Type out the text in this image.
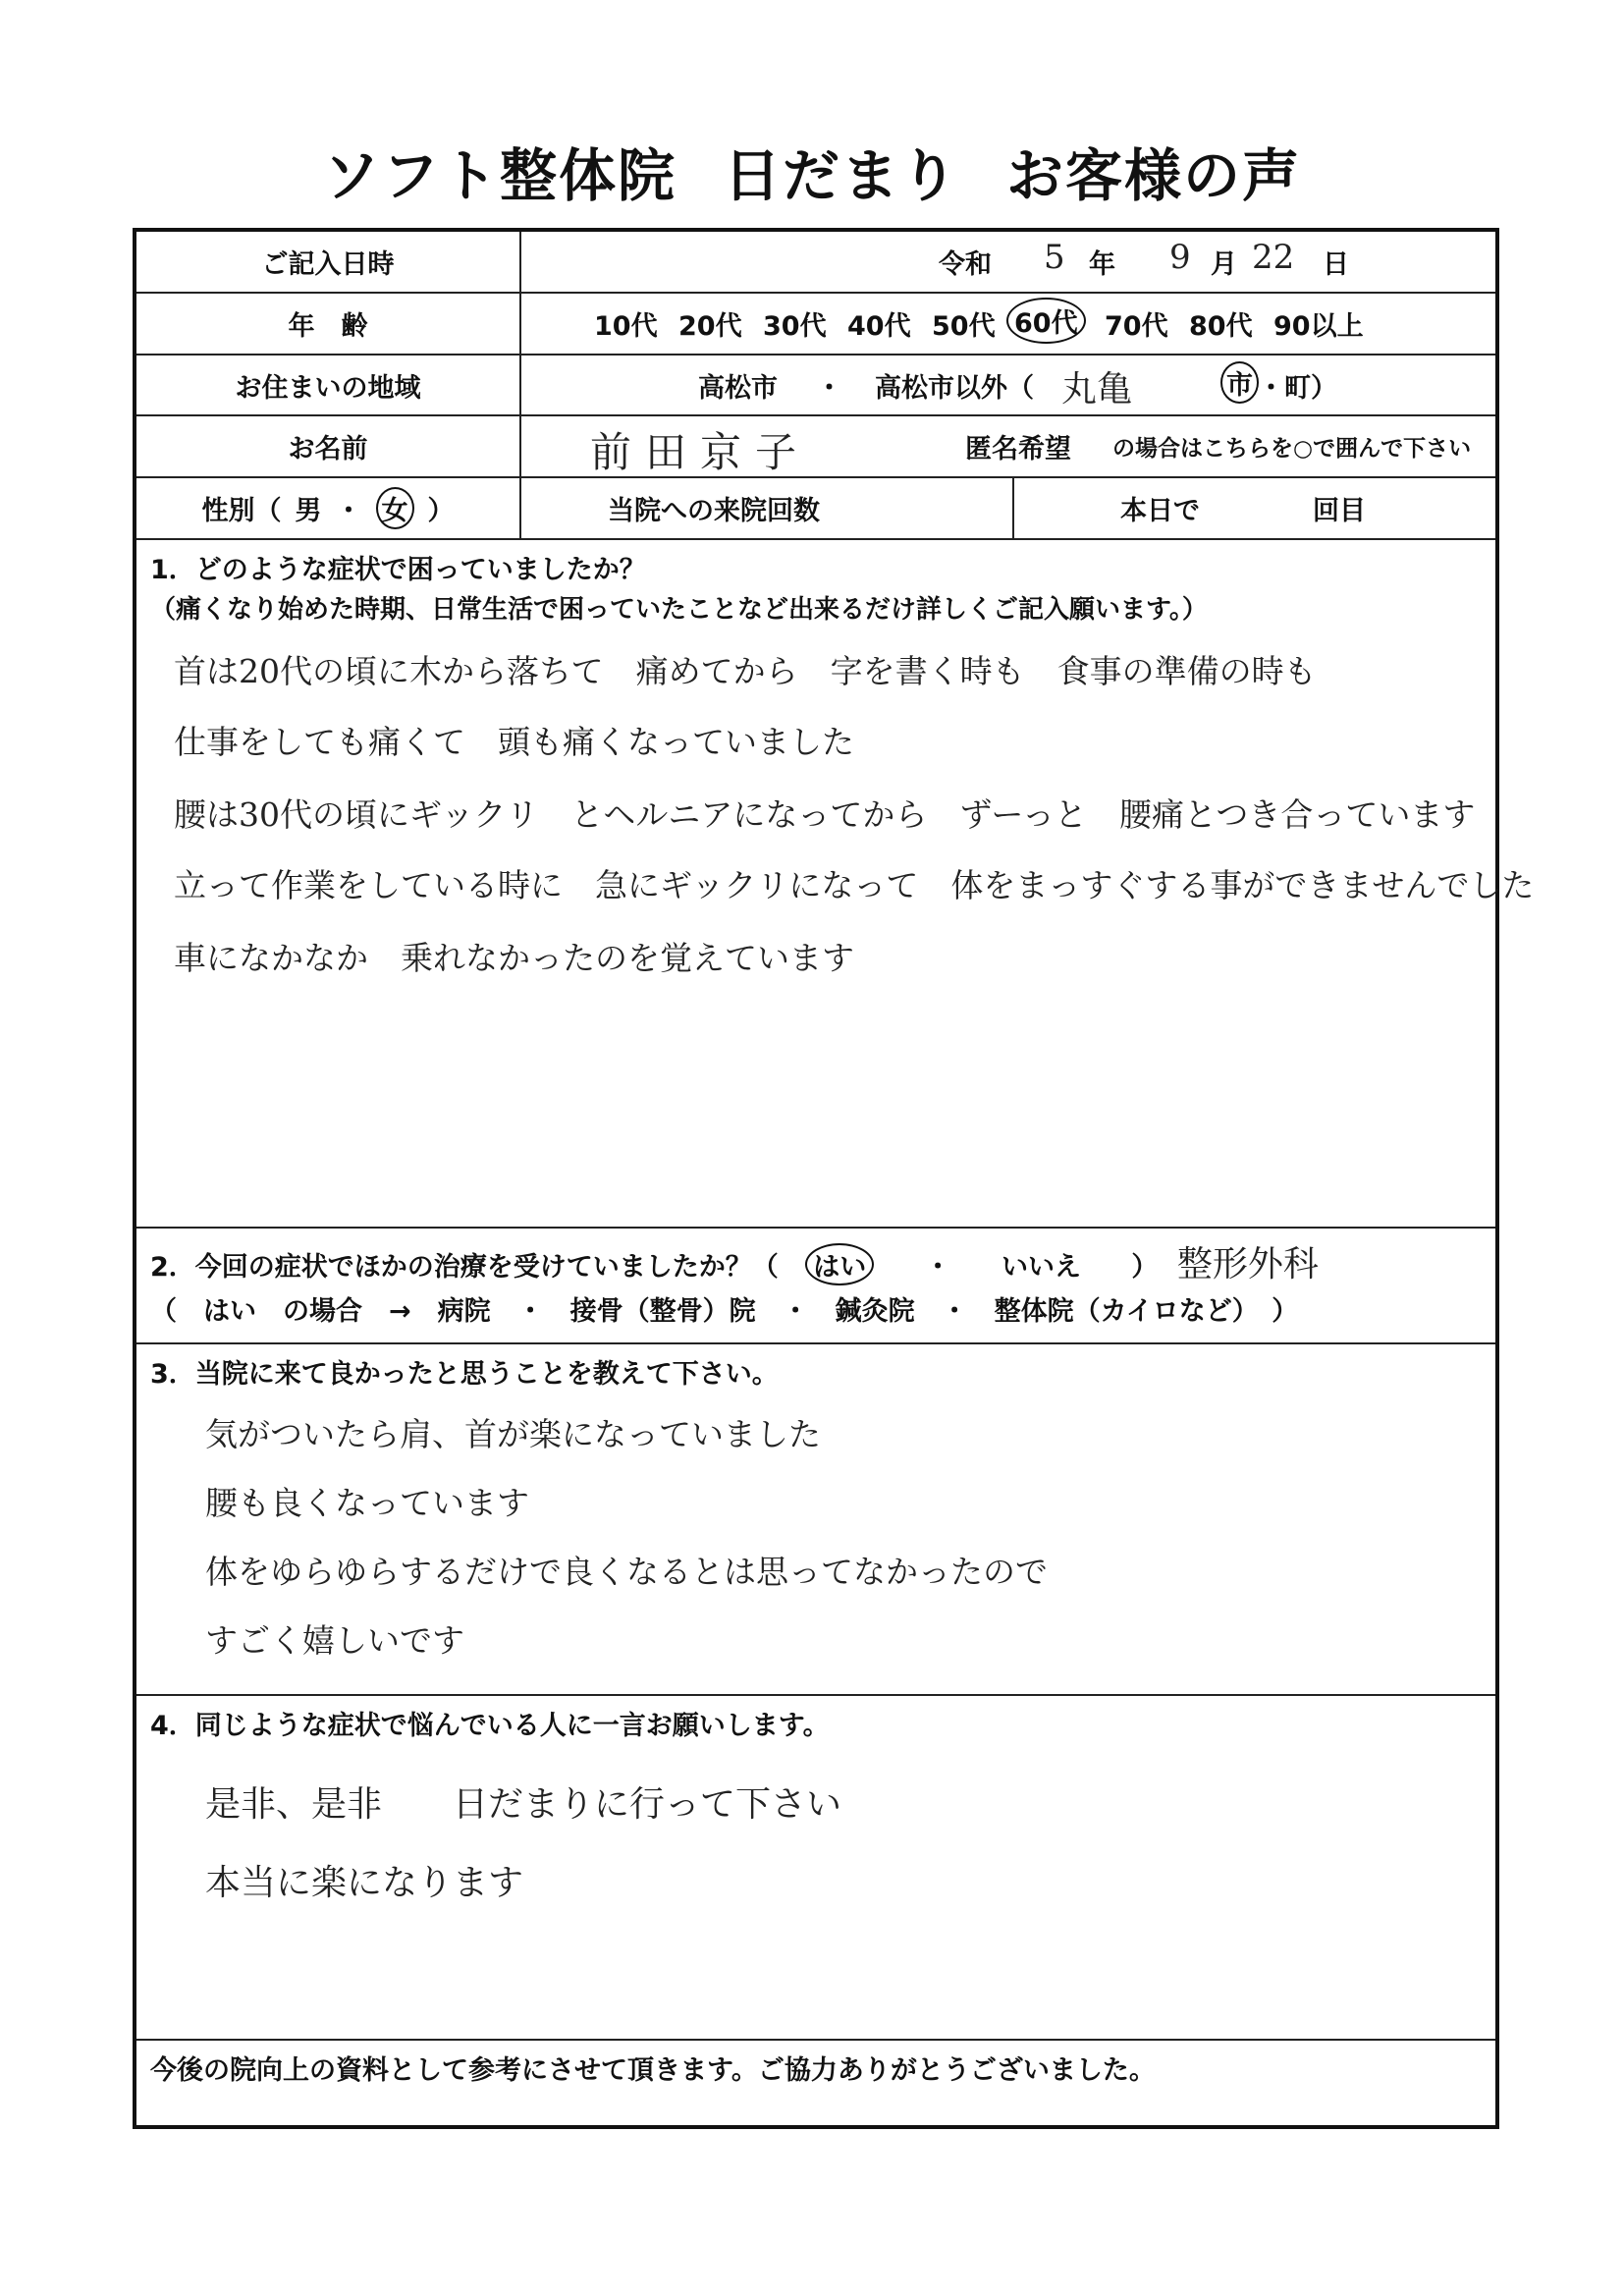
ソフト整体院 日だまり お客様の声
ご記入日時	令和 5 年 9 月 22 日
年　齢	10代 20代 30代 40代 50代 60代 70代 80代 90以上
お住まいの地域	高松市 ・ 高松市以外（ 丸亀	市 ・町）
お名前	前田京子	匿名希望 の場合はこちらを○で囲んで下さい
性別（ 男 ・ 女 ）	当院への来院回数	本日で	回目
1．どのような症状で困っていましたか？
（痛くなり始めた時期、日常生活で困っていたことなど出来るだけ詳しくご記入願います。）
首は20代の頃に木から落ちて　痛めてから　字を書く時も　食事の準備の時も
仕事をしても痛くて　頭も痛くなっていました
腰は30代の頃にギックリ　とヘルニアになってから　ずーっと　腰痛とつき合っています
立って作業をしている時に　急にギックリになって　体をまっすぐする事ができませんでした
車になかなか　乗れなかったのを覚えています
2．今回の症状でほかの治療を受けていましたか？（ はい ・ いいえ ） 整形外科
（　はい　の場合　→　病院　・　接骨（整骨）院　・　鍼灸院　・　整体院（カイロなど）　）
3．当院に来て良かったと思うことを教えて下さい。
気がついたら肩、首が楽になっていました
腰も良くなっています
体をゆらゆらするだけで良くなるとは思ってなかったので
すごく嬉しいです
4．同じような症状で悩んでいる人に一言お願いします。
是非、是非　　日だまりに行って下さい
本当に楽になります
今後の院向上の資料として参考にさせて頂きます。ご協力ありがとうございました。
